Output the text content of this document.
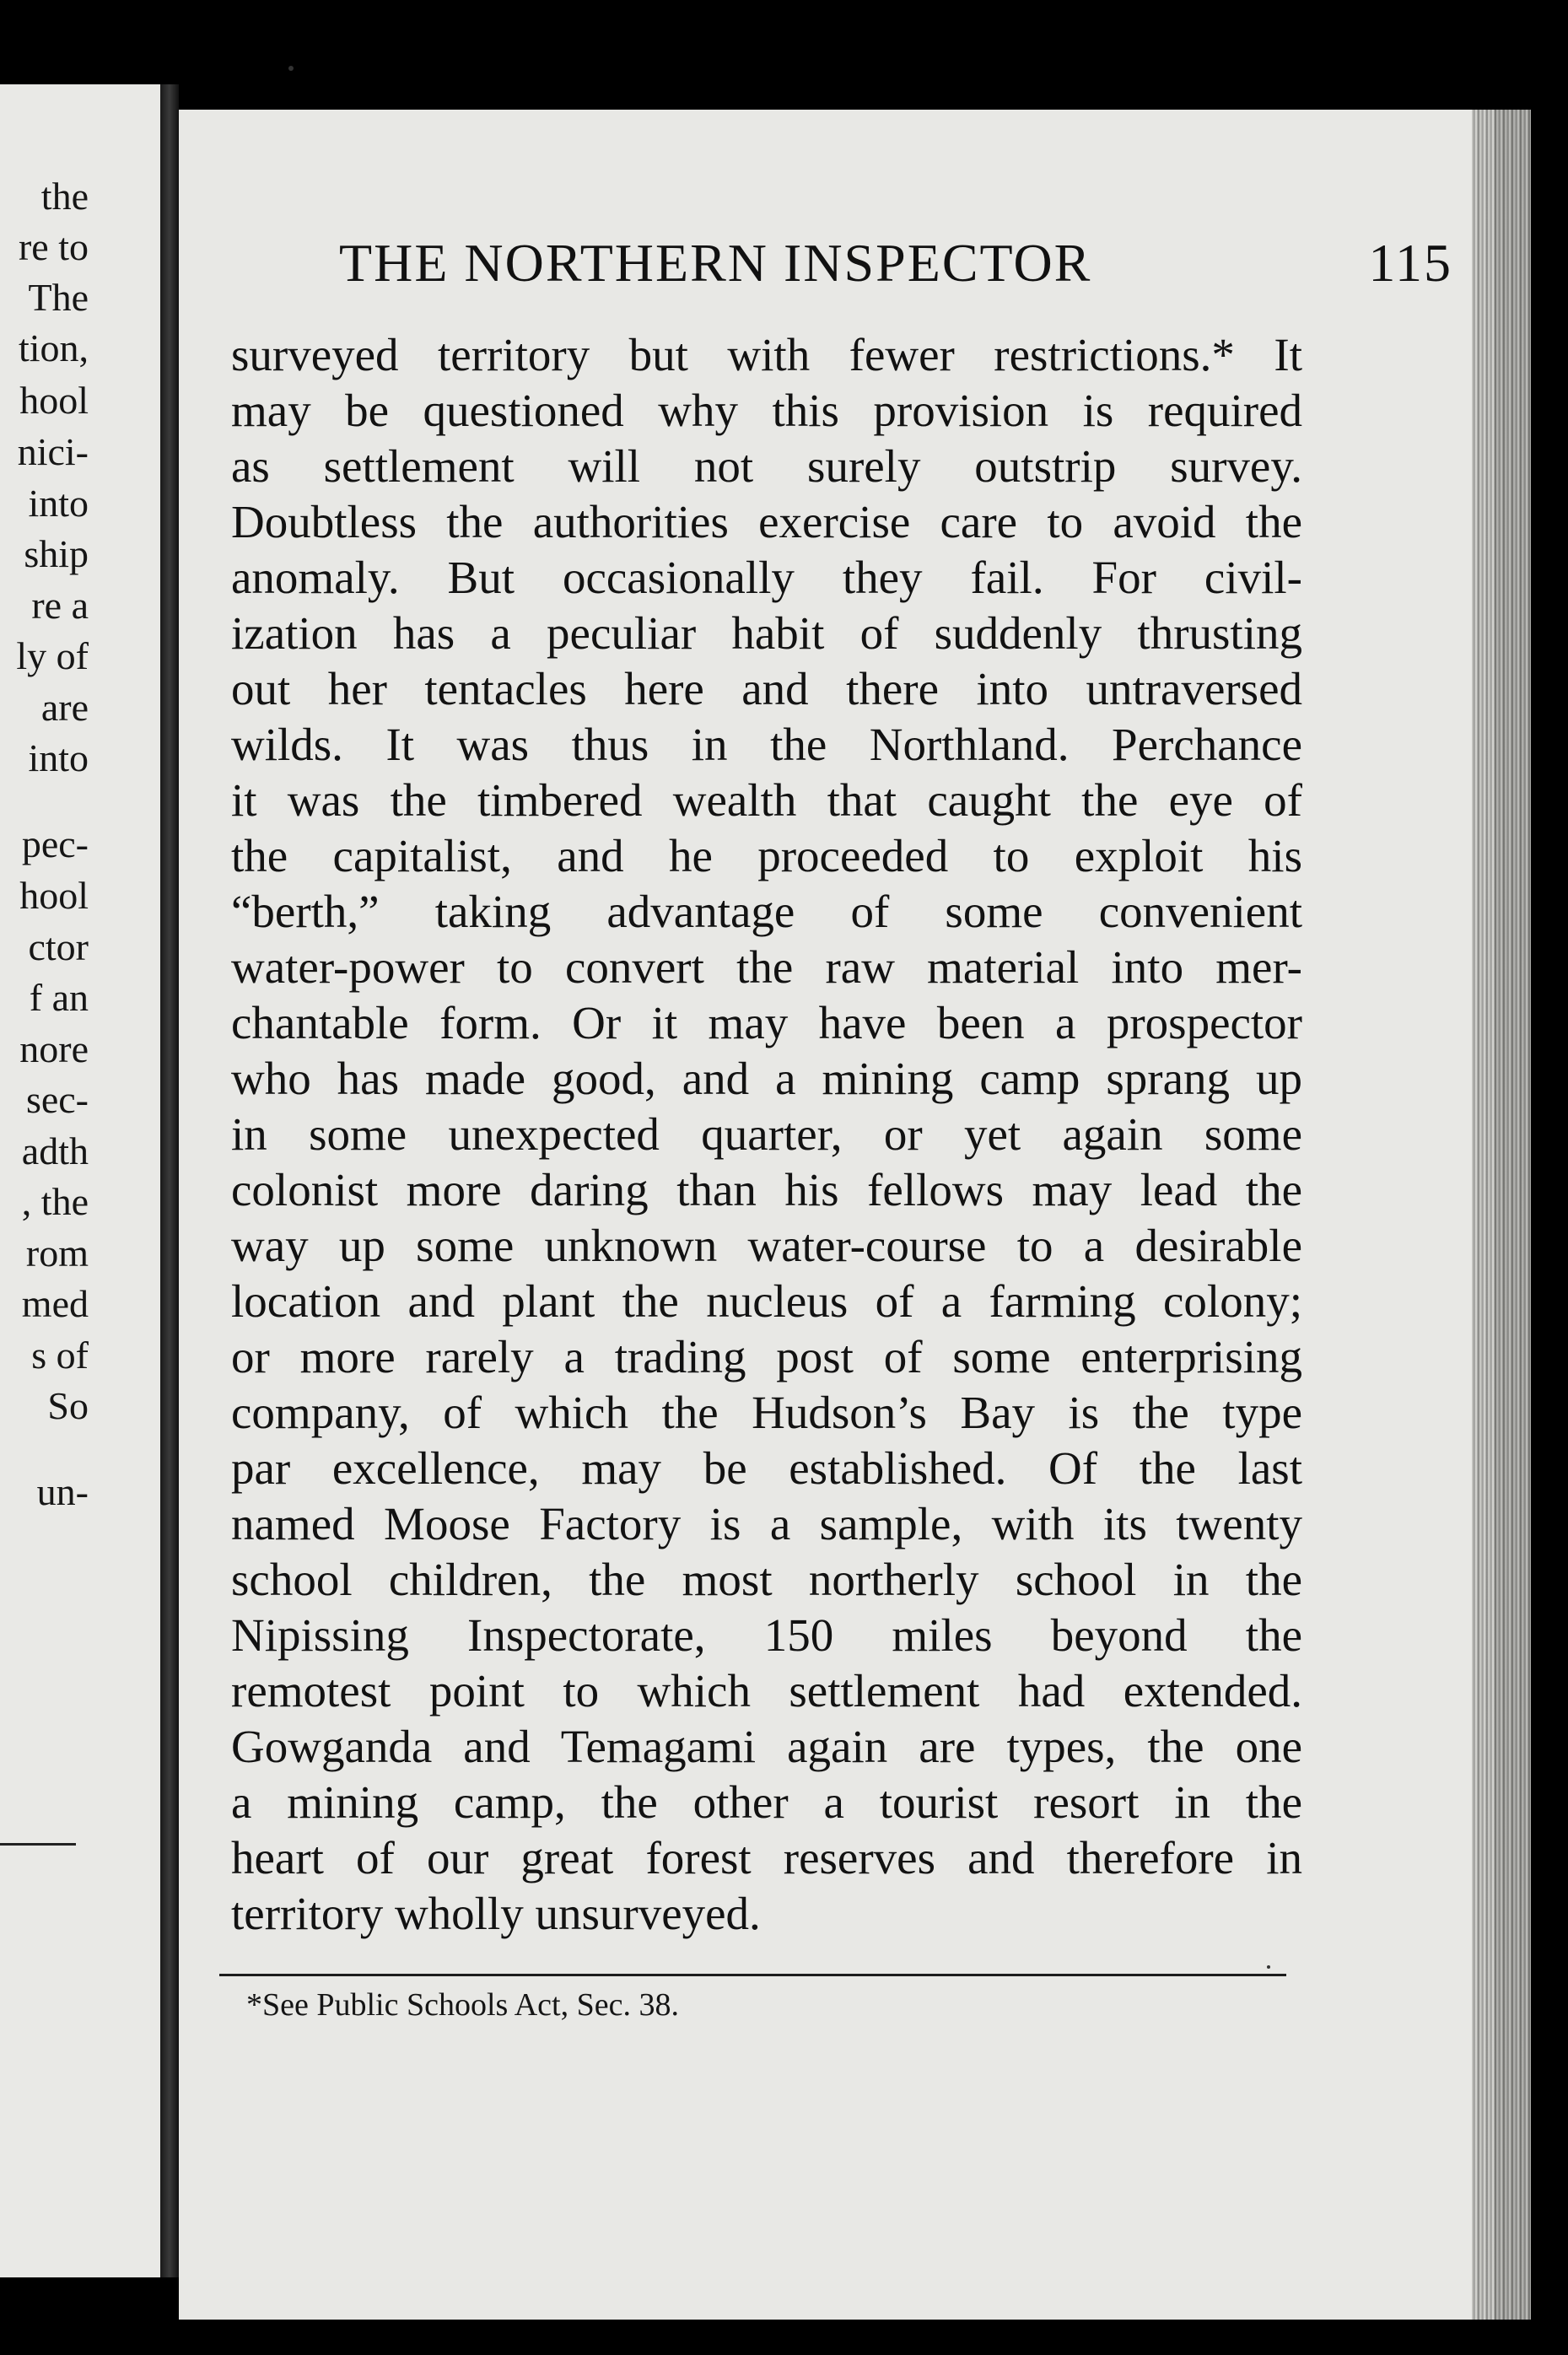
the
re to
The
tion,
hool
nici-
into
ship
re a
ly of
are
into
pec-
hool
ctor
f an
nore
sec-
adth
, the
rom
med
s of
So
un-
THE NORTHERN INSPECTOR	115
surveyed territory but with fewer restrictions.* It
may be questioned why this provision is required
as settlement will not surely outstrip survey.
Doubtless the authorities exercise care to avoid the
anomaly. But occasionally they fail. For civil-
ization has a peculiar habit of suddenly thrusting
out her tentacles here and there into untraversed
wilds. It was thus in the Northland. Perchance
it was the timbered wealth that caught the eye of
the capitalist, and he proceeded to exploit his
“berth,” taking advantage of some convenient
water-power to convert the raw material into mer-
chantable form. Or it may have been a prospector
who has made good, and a mining camp sprang up
in some unexpected quarter, or yet again some
colonist more daring than his fellows may lead the
way up some unknown water-course to a desirable
location and plant the nucleus of a farming colony;
or more rarely a trading post of some enterprising
company, of which the Hudson’s Bay is the type
par excellence, may be established. Of the last
named Moose Factory is a sample, with its twenty
school children, the most northerly school in the
Nipissing Inspectorate, 150 miles beyond the
remotest point to which settlement had extended.
Gowganda and Temagami again are types, the one
a mining camp, the other a tourist resort in the
heart of our great forest reserves and therefore in
territory wholly unsurveyed.
*See Public Schools Act, Sec. 38.
